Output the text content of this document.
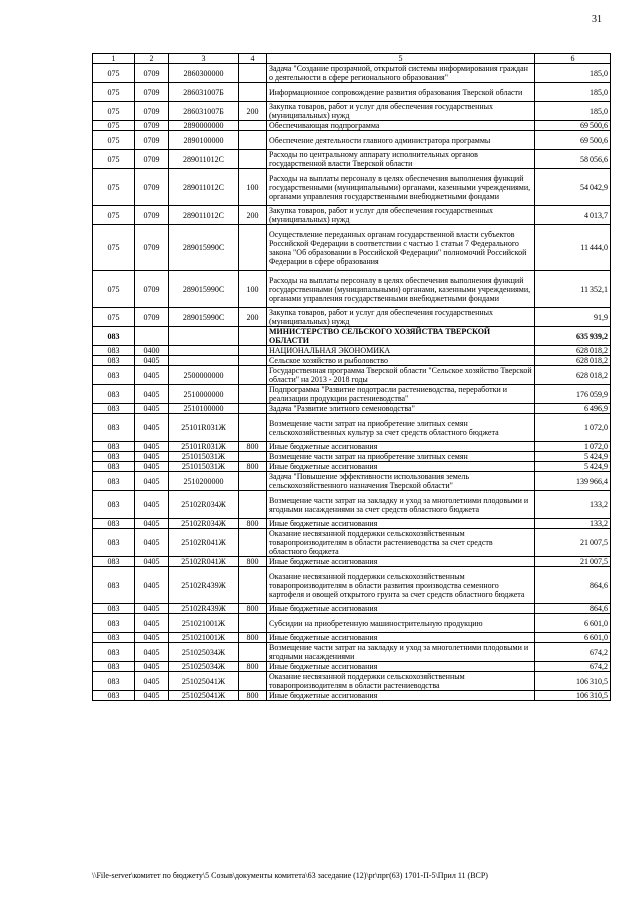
31
1	2	3	4	5	6
075	0709	2860300000		Задача "Создание прозрачной, открытой системы информирования граждан о деятельности в сфере регионального образования"	185,0
075	0709	286031007Б		Информационное сопровождение развития образования Тверской области	185,0
075	0709	286031007Б	200	Закупка товаров, работ и услуг для обеспечения государственных (муниципальных) нужд	185,0
075	0709	2890000000		Обеспечивающая подпрограмма	69 500,6
075	0709	2890100000		Обеспечение деятельности главного администратора программы	69 500,6
075	0709	289011012С		Расходы по центральному аппарату исполнительных органов государственной власти Тверской области	58 056,6
075	0709	289011012С	100	Расходы на выплаты персоналу в целях обеспечения выполнения функций государственными (муниципальными) органами, казенными учреждениями, органами управления государственными внебюджетными фондами	54 042,9
075	0709	289011012С	200	Закупка товаров, работ и услуг для обеспечения государственных (муниципальных) нужд	4 013,7
075	0709	289015990С		Осуществление переданных органам государственной власти субъектов Российской Федерации в соответствии с частью 1 статьи 7 Федерального закона "Об образовании в Российской Федерации" полномочий Российской Федерации в сфере образования	11 444,0
075	0709	289015990С	100	Расходы на выплаты персоналу в целях обеспечения выполнения функций государственными (муниципальными) органами, казенными учреждениями, органами управления государственными внебюджетными фондами	11 352,1
075	0709	289015990С	200	Закупка товаров, работ и услуг для обеспечения государственных (муниципальных) нужд	91,9
083				МИНИСТЕРСТВО СЕЛЬСКОГО ХОЗЯЙСТВА ТВЕРСКОЙ ОБЛАСТИ	635 939,2
083	0400			НАЦИОНАЛЬНАЯ ЭКОНОМИКА	628 018,2
083	0405			Сельское хозяйство и рыболовство	628 018,2
083	0405	2500000000		Государственная программа Тверской области "Сельское хозяйство Тверской области" на 2013 - 2018 годы	628 018,2
083	0405	2510000000		Подпрограмма "Развитие подотрасли растениеводства, переработки и реализации продукции растениеводства"	176 059,9
083	0405	2510100000		Задача "Развитие элитного семеноводства"	6 496,9
083	0405	25101R031Ж		Возмещение части затрат на приобретение элитных семян сельскохозяйственных культур за счет средств областного бюджета	1 072,0
083	0405	25101R031Ж	800	Иные бюджетные ассигнования	1 072,0
083	0405	251015031Ж		Возмещение части затрат на приобретение элитных семян	5 424,9
083	0405	251015031Ж	800	Иные бюджетные ассигнования	5 424,9
083	0405	2510200000		Задача "Повышение эффективности использования земель сельскохозяйственного назначения Тверской области"	139 966,4
083	0405	25102R034Ж		Возмещение части затрат на закладку и уход за многолетними плодовыми и ягодными насаждениями за счет средств областного бюджета	133,2
083	0405	25102R034Ж	800	Иные бюджетные ассигнования	133,2
083	0405	25102R041Ж		Оказание несвязанной поддержки сельскохозяйственным товаропроизводителям в области растениеводства за счет средств областного бюджета	21 007,5
083	0405	25102R041Ж	800	Иные бюджетные ассигнования	21 007,5
083	0405	25102R439Ж		Оказание несвязанной поддержки сельскохозяйственным товаропроизводителям в области развития производства семенного картофеля и овощей открытого грунта за счет средств областного бюджета	864,6
083	0405	25102R439Ж	800	Иные бюджетные ассигнования	864,6
083	0405	251021001Ж		Субсидии на приобретенную машинострительную продукцию	6 601,0
083	0405	251021001Ж	800	Иные бюджетные ассигнования	6 601,0
083	0405	251025034Ж		Возмещение части затрат на закладку и уход за многолетними плодовыми и ягодными насаждениями	674,2
083	0405	251025034Ж	800	Иные бюджетные ассигнования	674,2
083	0405	251025041Ж		Оказание несвязанной поддержки сельскохозяйственным товаропроизводителям в области растениеводства	106 310,5
083	0405	251025041Ж	800	Иные бюджетные ассигнования	106 310,5
\\File-server\комитет по бюджету\5 Созыв\документы комитета\63 заседание (12)\pr\прг(63) 1701-П-5\Прил 11 (ВСР)
